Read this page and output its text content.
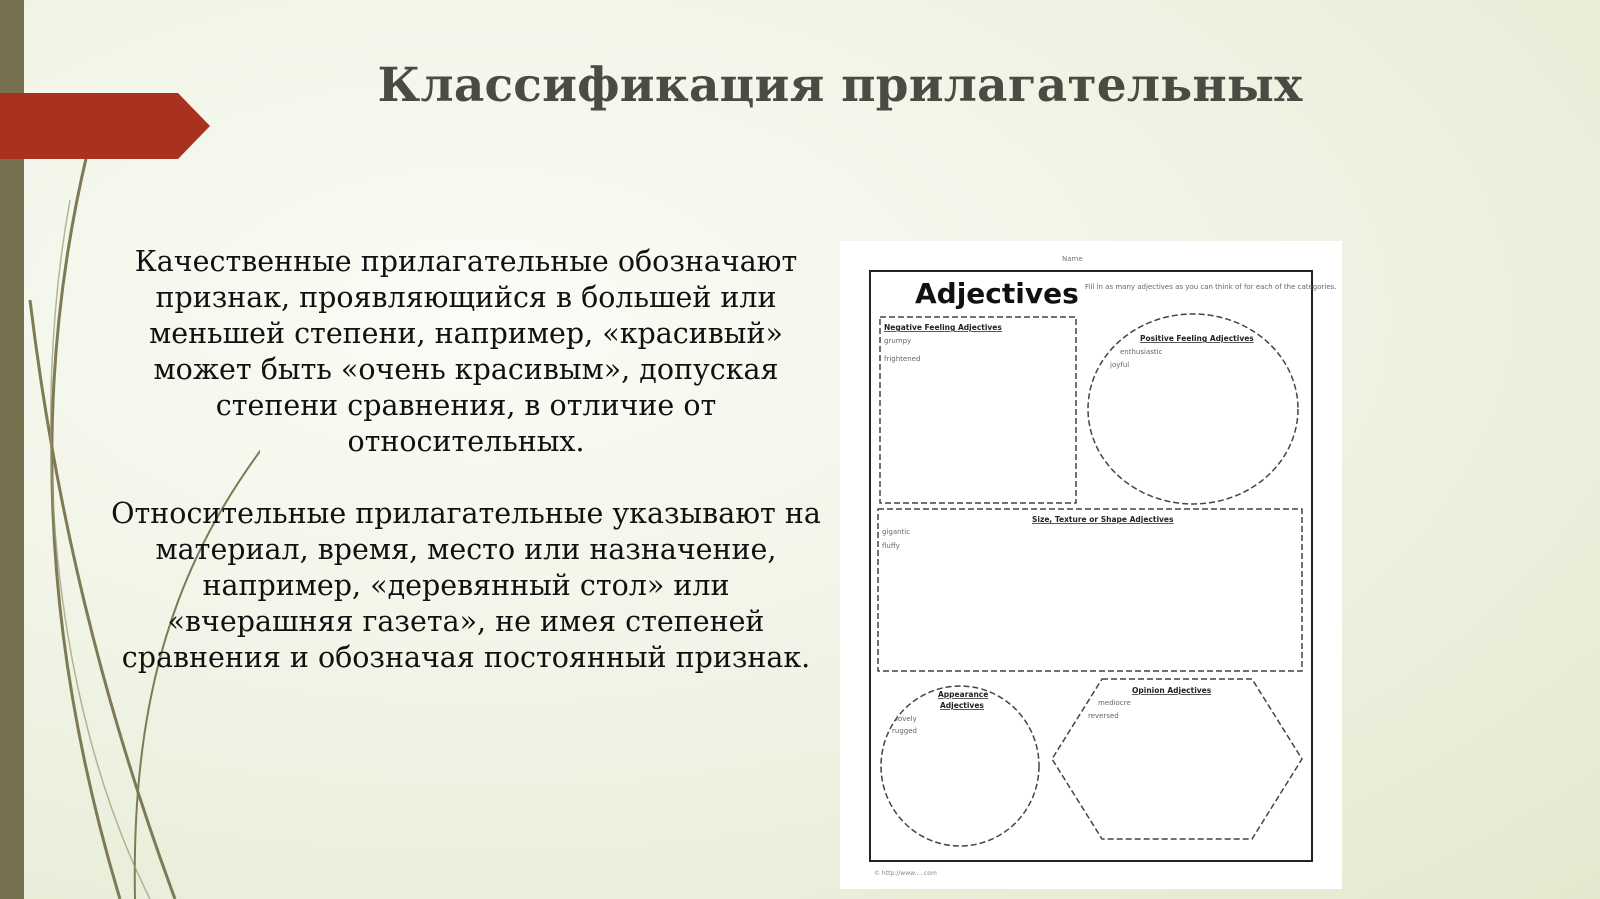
Классификация прилагательных

Качественные прилагательные обозначают признак, проявляющийся в большей или меньшей степени, например, «красивый» может быть «очень красивым», допуская степени сравнения, в отличие от относительных.

Относительные прилагательные указывают на материал, время, место или назначение, например, «деревянный стол» или «вчерашняя газета», не имея степеней сравнения и обозначая постоянный признак.

Name
Adjectives Fill in as many adjectives as you can think of for each of the categories.
Negative Feeling Adjectives
grumpy
frightened
Positive Feeling Adjectives
enthusiastic
joyful
Size, Texture or Shape Adjectives
gigantic
fluffy
Appearance
Adjectives
lovely
rugged
Opinion Adjectives
mediocre
reversed
© http://www.....com
